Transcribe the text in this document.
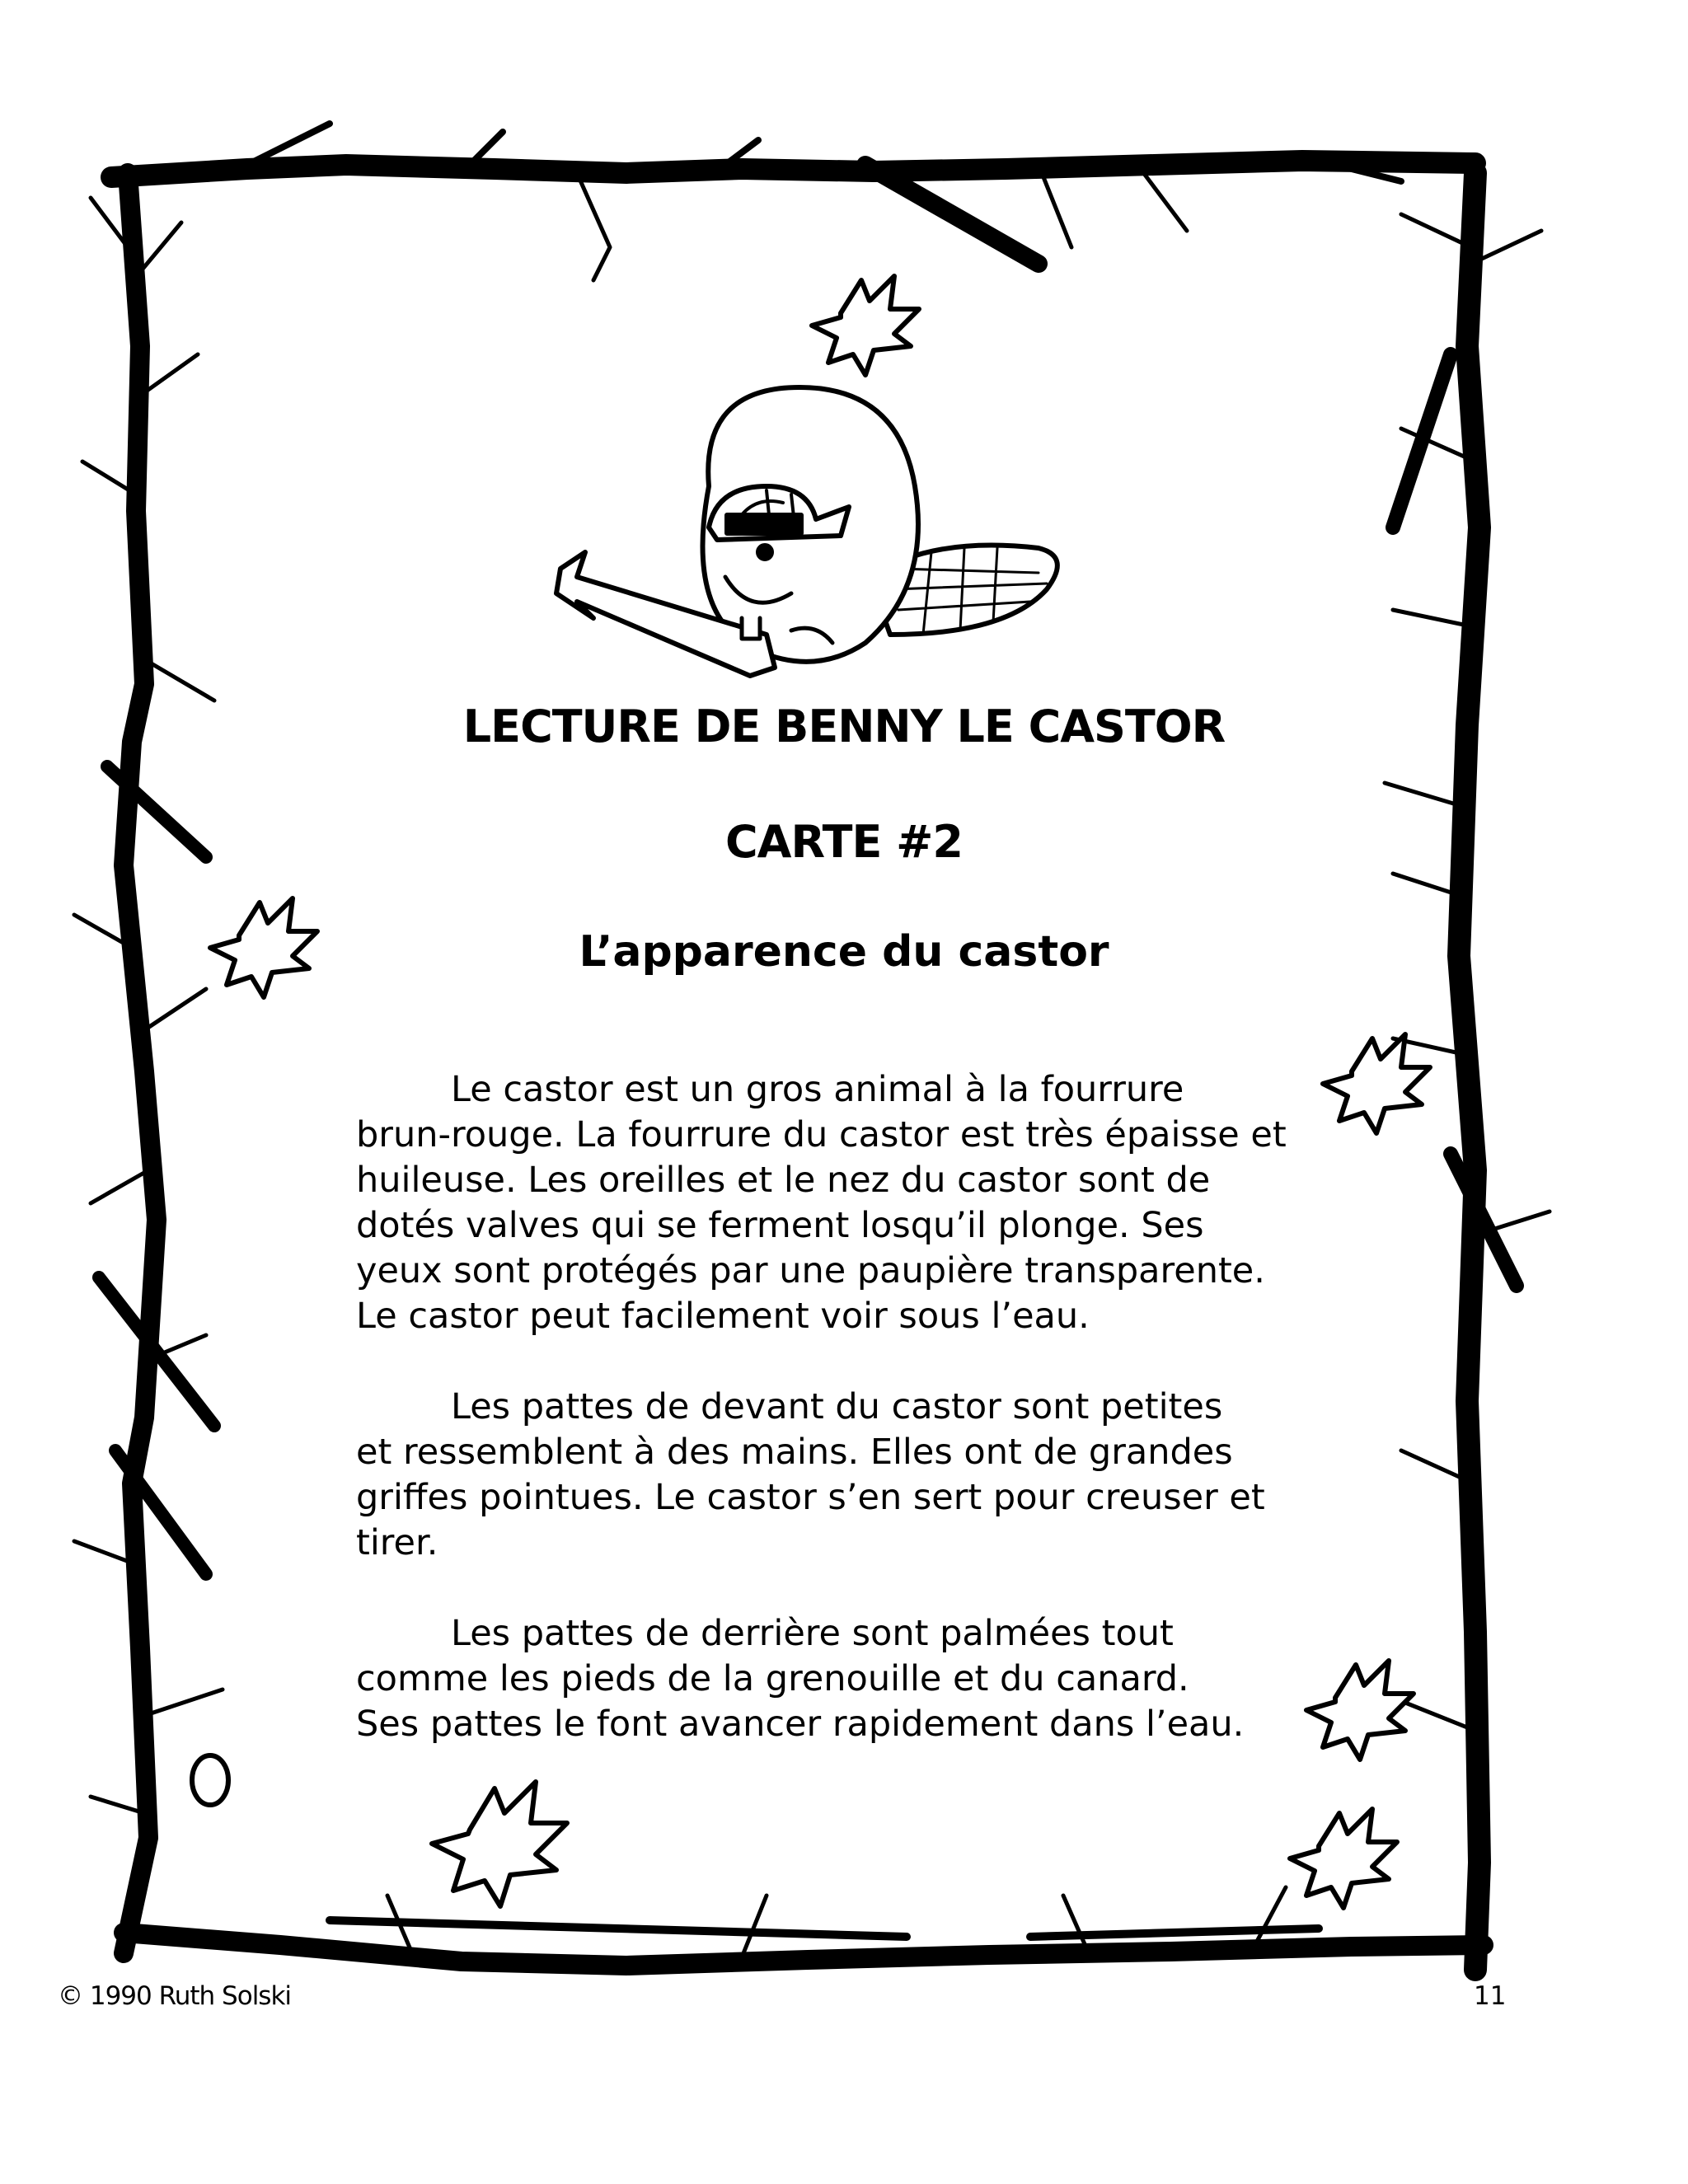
LECTURE DE BENNY LE CASTOR
CARTE #2
L’apparence du castor

Le castor est un gros animal à la fourrure
brun-rouge. La fourrure du castor est très épaisse et
huileuse. Les oreilles et le nez du castor sont de
dotés valves qui se ferment losqu’il plonge. Ses
yeux sont protégés par une paupière transparente.
Le castor peut facilement voir sous l’eau.

Les pattes de devant du castor sont petites
et ressemblent à des mains. Elles ont de grandes
griffes pointues. Le castor s’en sert pour creuser et
tirer.

Les pattes de derrière sont palmées tout
comme les pieds de la grenouille et du canard.
Ses pattes le font avancer rapidement dans l’eau.

© 1990 Ruth Solski	11
